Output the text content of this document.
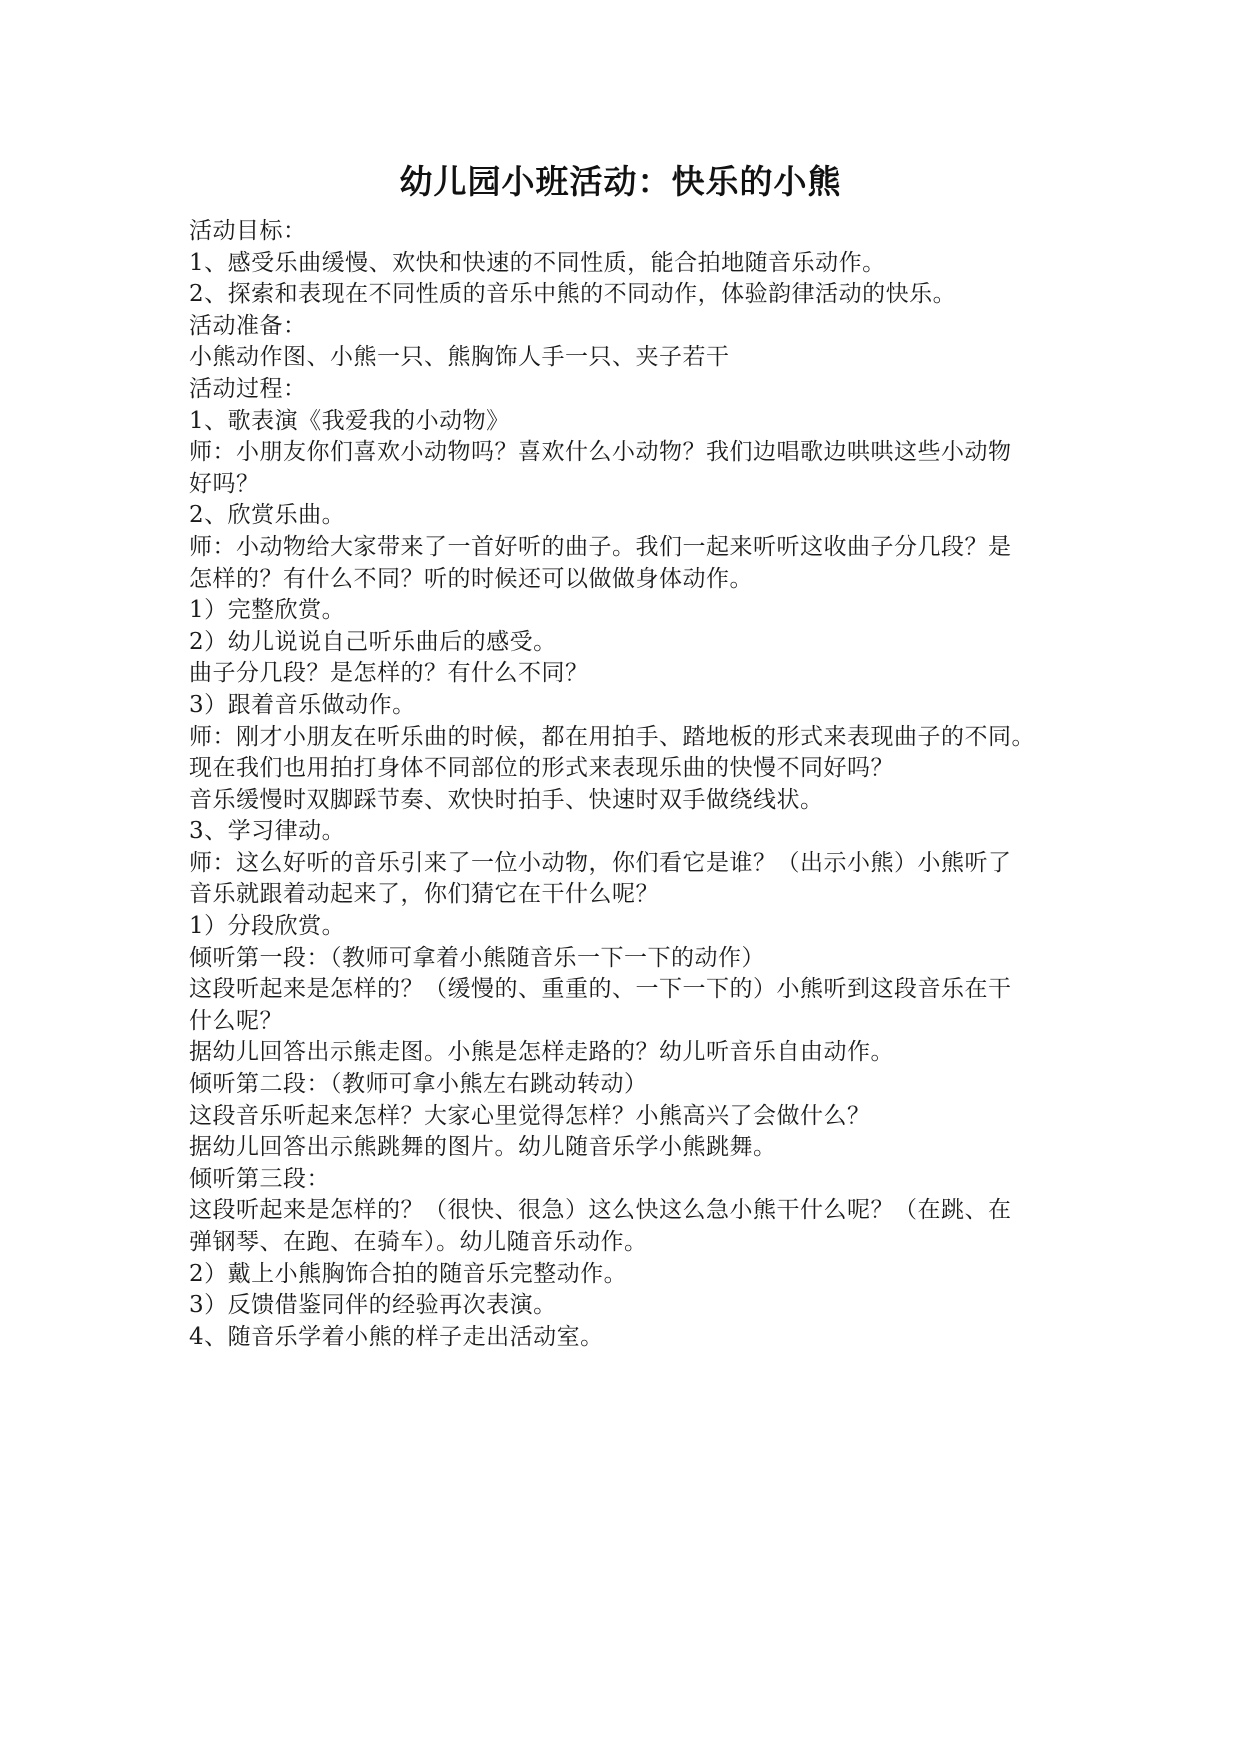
幼儿园小班活动：快乐的小熊
活动目标：
1、感受乐曲缓慢、欢快和快速的不同性质，能合拍地随音乐动作。
2、探索和表现在不同性质的音乐中熊的不同动作，体验韵律活动的快乐。
活动准备：
小熊动作图、小熊一只、熊胸饰人手一只、夹子若干
活动过程：
1、歌表演《我爱我的小动物》
师：小朋友你们喜欢小动物吗？喜欢什么小动物？我们边唱歌边哄哄这些小动物
好吗？
2、欣赏乐曲。
师：小动物给大家带来了一首好听的曲子。我们一起来听听这收曲子分几段？是
怎样的？有什么不同？听的时候还可以做做身体动作。
1）完整欣赏。
2）幼儿说说自己听乐曲后的感受。
曲子分几段？是怎样的？有什么不同？
3）跟着音乐做动作。
师：刚才小朋友在听乐曲的时候，都在用拍手、踏地板的形式来表现曲子的不同。
现在我们也用拍打身体不同部位的形式来表现乐曲的快慢不同好吗？
音乐缓慢时双脚踩节奏、欢快时拍手、快速时双手做绕线状。
3、学习律动。
师：这么好听的音乐引来了一位小动物，你们看它是谁？（出示小熊）小熊听了
音乐就跟着动起来了，你们猜它在干什么呢？
1）分段欣赏。
倾听第一段：（教师可拿着小熊随音乐一下一下的动作）
这段听起来是怎样的？（缓慢的、重重的、一下一下的）小熊听到这段音乐在干
什么呢？
据幼儿回答出示熊走图。小熊是怎样走路的？幼儿听音乐自由动作。
倾听第二段：（教师可拿小熊左右跳动转动）
这段音乐听起来怎样？大家心里觉得怎样？小熊高兴了会做什么？
据幼儿回答出示熊跳舞的图片。幼儿随音乐学小熊跳舞。
倾听第三段：
这段听起来是怎样的？（很快、很急）这么快这么急小熊干什么呢？（在跳、在
弹钢琴、在跑、在骑车）。幼儿随音乐动作。
2）戴上小熊胸饰合拍的随音乐完整动作。
3）反馈借鉴同伴的经验再次表演。
4、随音乐学着小熊的样子走出活动室。
